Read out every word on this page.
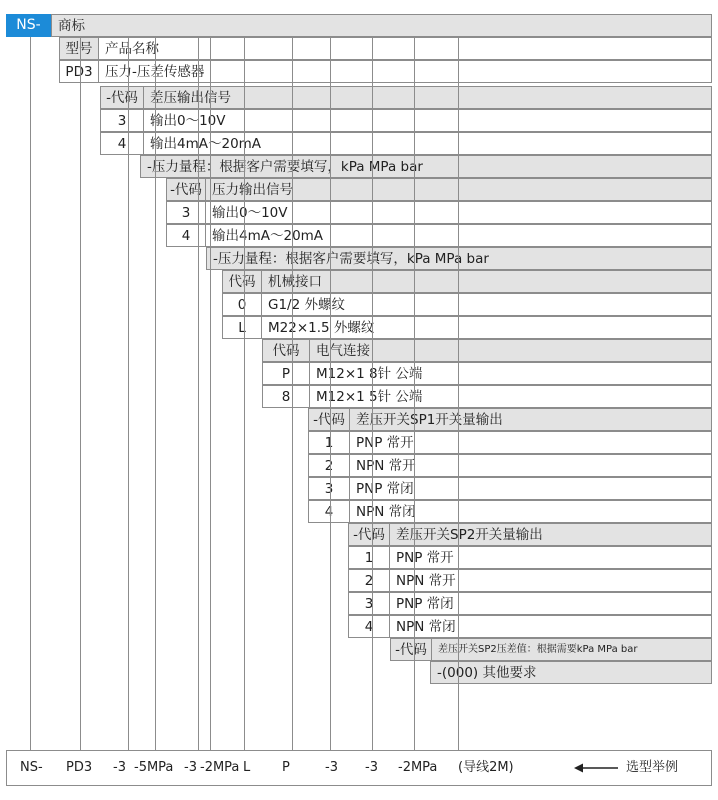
NS-	商标
型号 产品名称
PD3 压力-压差传感器
-代码 差压输出信号
3	输出0～10V
4	输出4mA～20mA
-压力量程：根据客户需要填写，kPa MPa bar
-代码 压力输出信号
3	输出0～10V
4	输出4mA～20mA
-压力量程：根据客户需要填写，kPa MPa bar
代码 机械接口
0	G1/2 外螺纹
L	M22×1.5 外螺纹
代码	电气连接
P	M12×1 8针 公端
8	M12×1 5针 公端
-代码 差压开关SP1开关量输出
1	PNP 常开
2	NPN 常开
3	PNP 常闭
4	NPN 常闭
-代码 差压开关SP2开关量输出
1	PNP 常开
2	NPN 常开
3	PNP 常闭
4	NPN 常闭
-代码	差压开关SP2压差值：根据需要kPa MPa bar
-(000) 其他要求
NS- PD3 -3 -5MPa -3 -2MPa L P	-3 -3 -2MPa (导线2M)	选型举例
